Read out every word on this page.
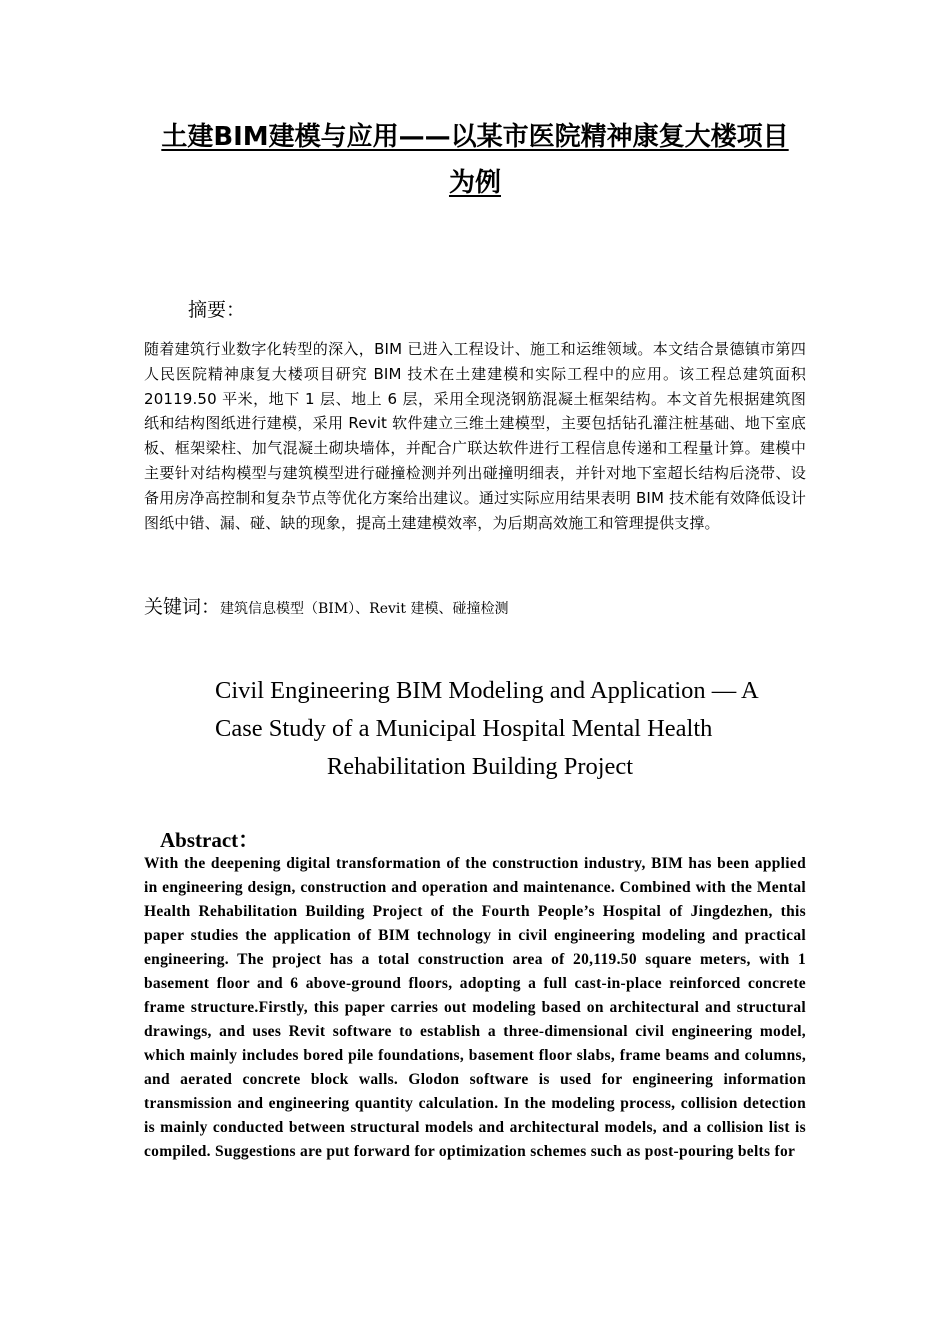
土建BIM建模与应用——以某市医院精神康复大楼项目为例
摘要：
随着建筑行业数字化转型的深入，BIM 已进入工程设计、施工和运维领域。本文结合景德镇市第四人民医院精神康复大楼项目研究 BIM 技术在土建建模和实际工程中的应用。该工程总建筑面积 20119.50 平米，地下 1 层、地上 6 层，采用全现浇钢筋混凝土框架结构。本文首先根据建筑图纸和结构图纸进行建模，采用 Revit 软件建立三维土建模型，主要包括钻孔灌注桩基础、地下室底板、框架梁柱、加气混凝土砌块墙体，并配合广联达软件进行工程信息传递和工程量计算。建模中主要针对结构模型与建筑模型进行碰撞检测并列出碰撞明细表，并针对地下室超长结构后浇带、设备用房净高控制和复杂节点等优化方案给出建议。通过实际应用结果表明 BIM 技术能有效降低设计图纸中错、漏、碰、缺的现象，提高土建建模效率，为后期高效施工和管理提供支撑。
关键词：建筑信息模型（BIM）、Revit 建模、碰撞检测
Civil Engineering BIM Modeling and Application — A
Case Study of a Municipal Hospital Mental Health
Rehabilitation Building Project
Abstract：
With the deepening digital transformation of the construction industry, BIM has been applied in engineering design, construction and operation and maintenance. Combined with the Mental Health Rehabilitation Building Project of the Fourth People’s Hospital of Jingdezhen, this paper studies the application of BIM technology in civil engineering modeling and practical engineering. The project has a total construction area of 20,119.50 square meters, with 1 basement floor and 6 above-ground floors, adopting a full cast-in-place reinforced concrete frame structure.Firstly, this paper carries out modeling based on architectural and structural drawings, and uses Revit software to establish a three-dimensional civil engineering model, which mainly includes bored pile foundations, basement floor slabs, frame beams and columns, and aerated concrete block walls. Glodon software is used for engineering information transmission and engineering quantity calculation. In the modeling process, collision detection is mainly conducted between structural models and architectural models, and a collision list is compiled. Suggestions are put forward for optimization schemes such as post-pouring belts for
